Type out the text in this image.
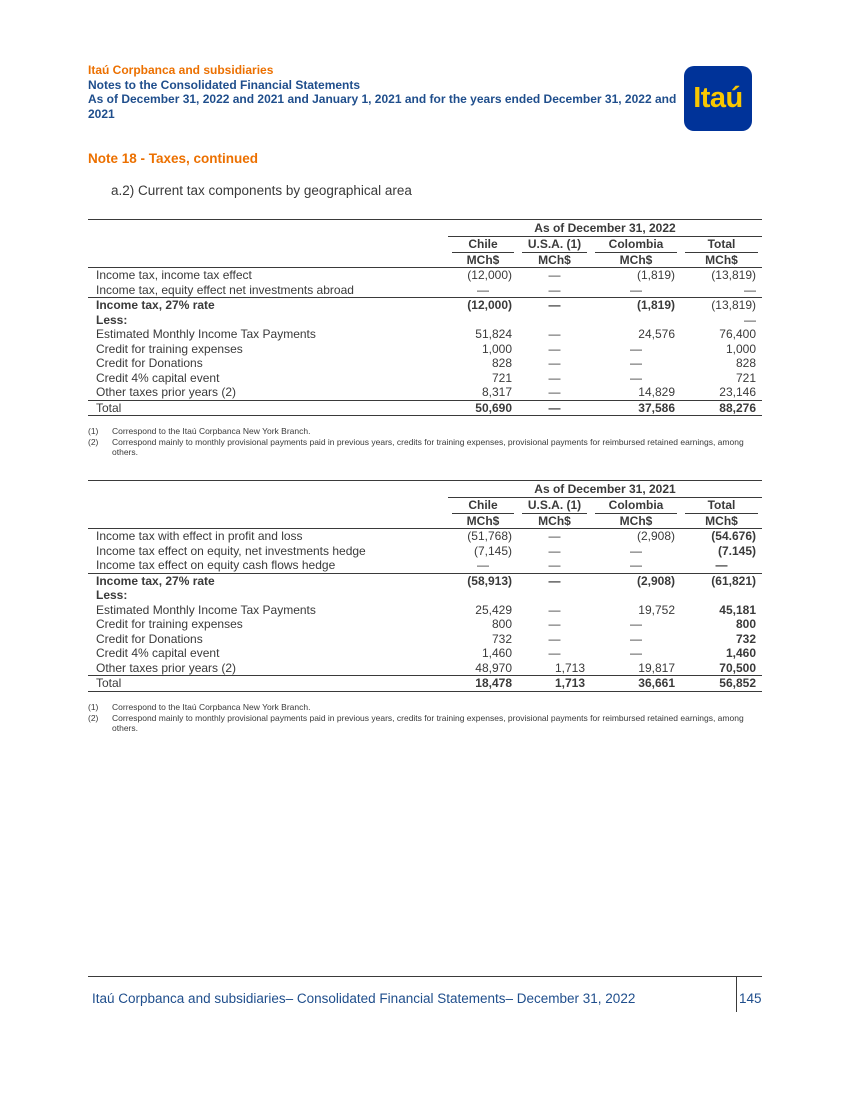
Itaú Corpbanca and subsidiaries
Notes to the Consolidated Financial Statements
As of December 31, 2022 and 2021 and January 1, 2021 and for the years ended December 31, 2022 and 2021	Itaú
Note 18 - Taxes, continued
a.2) Current tax components by geographical area
	As of December 31, 2022			

	Chile	U.S.A. (1)	Colombia	Total

	MCh$	MCh$	MCh$	MCh$
Income tax, income tax effect	(12,000)	—	(1,819)	(13,819)
Income tax, equity effect net investments abroad	—	—	—	—
Income tax, 27% rate	(12,000)	—	(1,819)	(13,819)
Less:				—
Estimated Monthly Income Tax Payments	51,824	—	24,576	76,400
Credit for training expenses	1,000	—	—	1,000
Credit for Donations	828	—	—	828
Credit 4% capital event	721	—	—	721
Other taxes prior years (2)	8,317	—	14,829	23,146
Total	50,690	—	37,586	88,276
(1)	Correspond to the Itaú Corpbanca New York Branch.
(2)	Correspond mainly to monthly provisional payments paid in previous years, credits for training expenses, provisional payments for reimbursed retained earnings, among others.
	As of December 31, 2021			

	Chile	U.S.A. (1)	Colombia	Total

	MCh$	MCh$	MCh$	MCh$
Income tax with effect in profit and loss	(51,768)	—	(2,908)	(54.676)
Income tax effect on equity, net investments hedge	(7,145)	—	—	(7.145)
Income tax effect on equity cash flows hedge	—	—	—	—
Income tax, 27% rate	(58,913)	—	(2,908)	(61,821)
Less:				
Estimated Monthly Income Tax Payments	25,429	—	19,752	45,181
Credit for training expenses	800	—	—	800
Credit for Donations	732	—	—	732
Credit 4% capital event	1,460	—	—	1,460
Other taxes prior years (2)	48,970	1,713	19,817	70,500
Total	18,478	1,713	36,661	56,852
(1)	Correspond to the Itaú Corpbanca New York Branch.
(2)	Correspond mainly to monthly provisional payments paid in previous years, credits for training expenses, provisional payments for reimbursed retained earnings, among others.
Itaú Corpbanca and subsidiaries– Consolidated Financial Statements– December 31, 2022	145
